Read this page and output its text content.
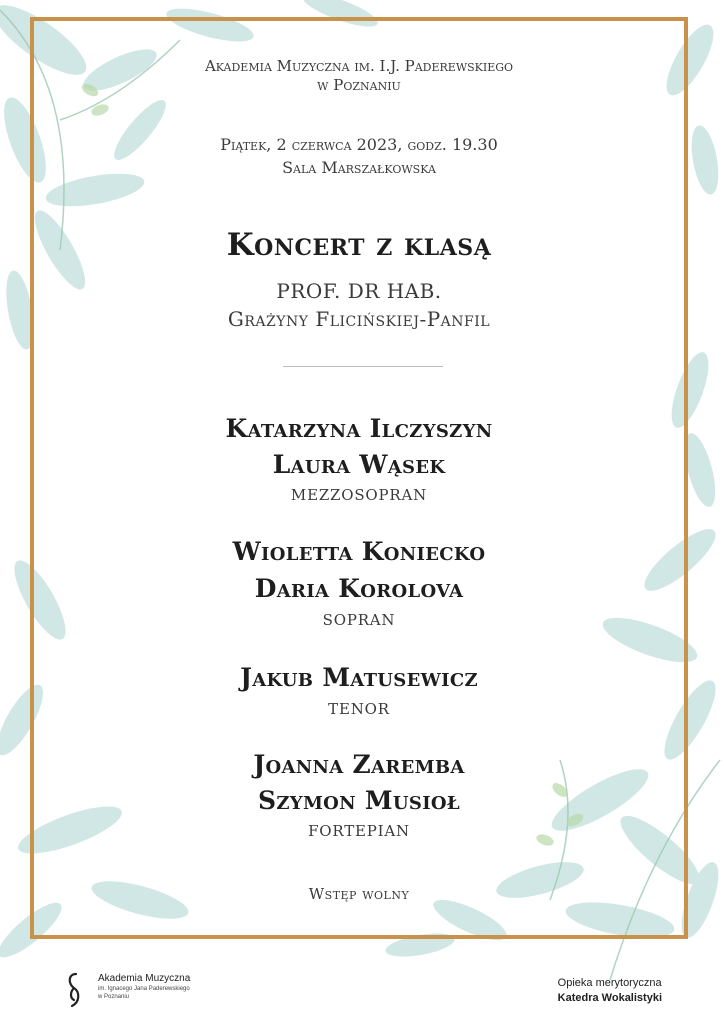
Akademia Muzyczna im. I.J. Paderewskiego
w Poznaniu
Piątek, 2 czerwca 2023, godz. 19.30
Sala Marszałkowska
Koncert z klasą
PROF. DR HAB.
Grażyny Flicińskiej-Panfil
Katarzyna Ilczyszyn
Laura Wąsek
MEZZOSOPRAN
Wioletta Koniecko
Daria Korolova
SOPRAN
Jakub Matusewicz
TENOR
Joanna Zaremba
Szymon Musioł
FORTEPIAN
Wstęp wolny
Akademia Muzyczna
im. Ignacego Jana Paderewskiego
w Poznaniu
Opieka merytoryczna
Katedra Wokalistyki
